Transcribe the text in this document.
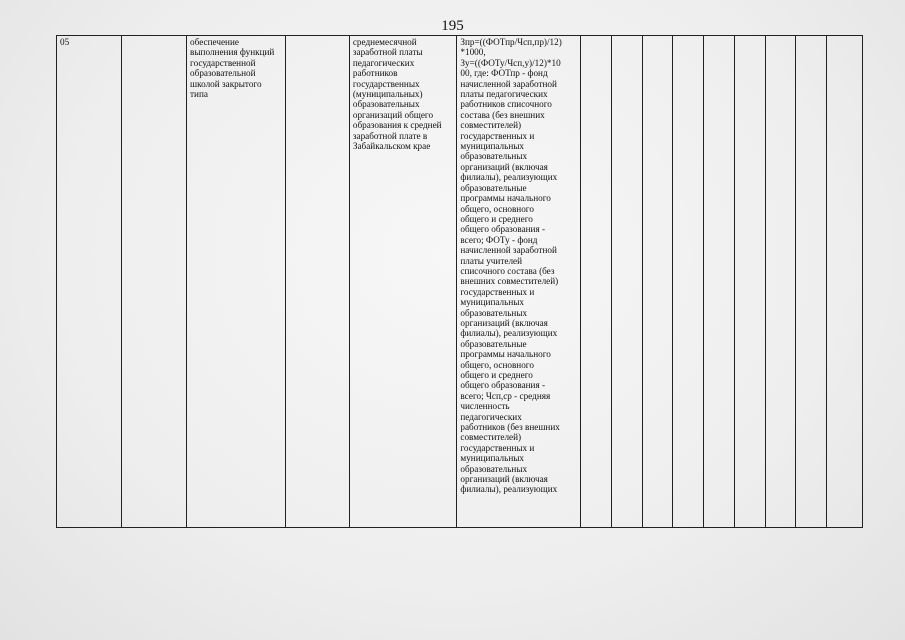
195
05		обеспечение
выполнения функций
государственной
образовательной
школой закрытого
типа		среднемесячной
заработной платы
педагогических
работников
государственных
(муниципальных)
образовательных
организаций общего
образования к средней
заработной плате в
Забайкальском крае	Зпр=((ФОТпр/Чсп,пр)/12)
*1000,
Зу=((ФОТу/Чсп,у)/12)*10
00, где: ФОТпр - фонд
начисленной заработной
платы педагогических
работников списочного
состава (без внешних
совместителей)
государственных и
муниципальных
образовательных
организаций (включая
филиалы), реализующих
образовательные
программы начального
общего, основного
общего и среднего
общего образования -
всего; ФОТу - фонд
начисленной заработной
платы учителей
списочного состава (без
внешних совместителей)
государственных и
муниципальных
образовательных
организаций (включая
филиалы), реализующих
образовательные
программы начального
общего, основного
общего и среднего
общего образования -
всего; Чсп,ср - средняя
численность
педагогических
работников (без внешних
совместителей)
государственных и
муниципальных
образовательных
организаций (включая
филиалы), реализующих									
